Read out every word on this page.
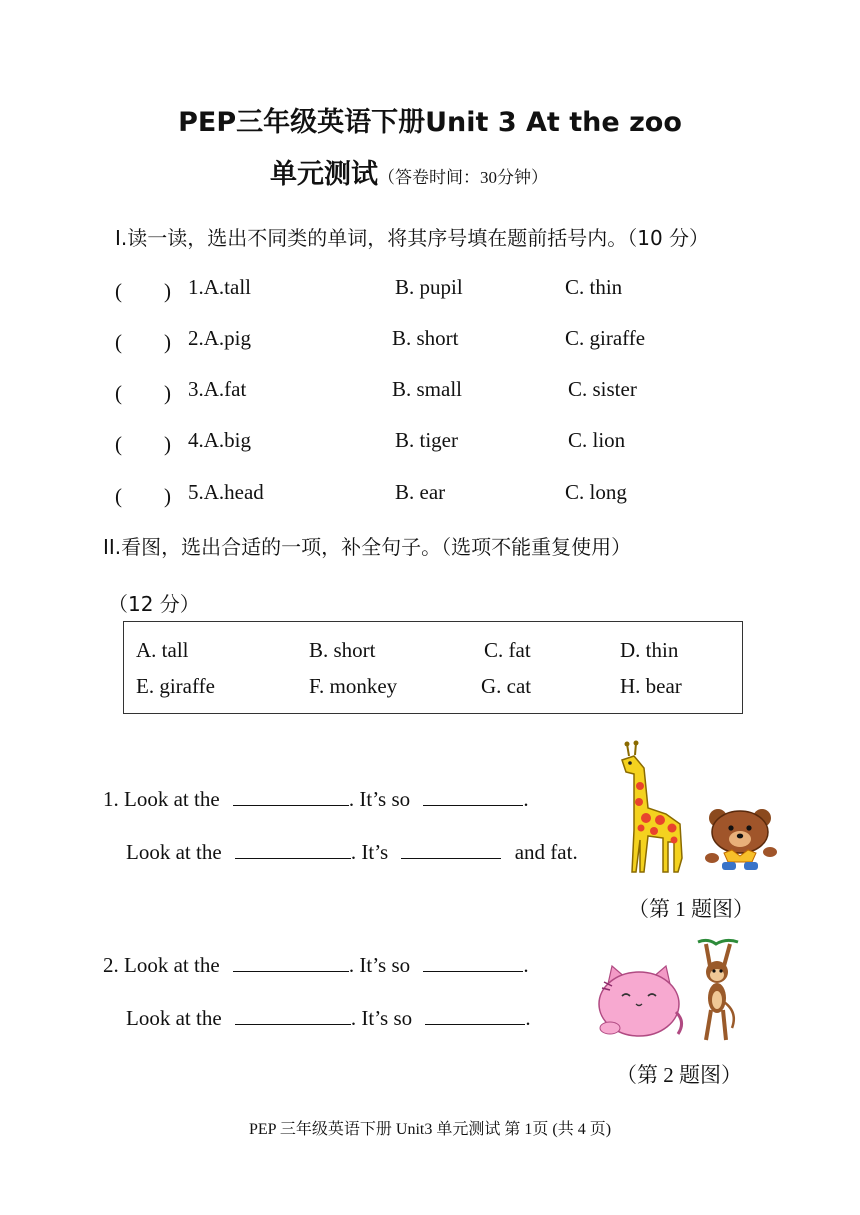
PEP三年级英语下册Unit 3 At the zoo
单元测试（答卷时间：30分钟）
I.读一读，选出不同类的单词，将其序号填在题前括号内。（10 分）
(　　) 1.A.tall	B. pupil	C. thin
(　　) 2.A.pig	B. short	C. giraffe
(　　) 3.A.fat	B. small	C. sister
(　　) 4.A.big	B. tiger	C. lion
(　　) 5.A.head	B. ear	C. long
II.看图，选出合适的一项，补全句子。（选项不能重复使用）
（12 分）
A. tall	B. short	C. fat	D. thin
E. giraffe	F. monkey	G. cat	H. bear
1. Look at the	. It’s so	.
Look at the	. It’s	and fat.
（第 1 题图）
2. Look at the	. It’s so	.
Look at the	. It’s so	.
（第 2 题图）
PEP 三年级英语下册 Unit3 单元测试 第 1页 (共 4 页)
